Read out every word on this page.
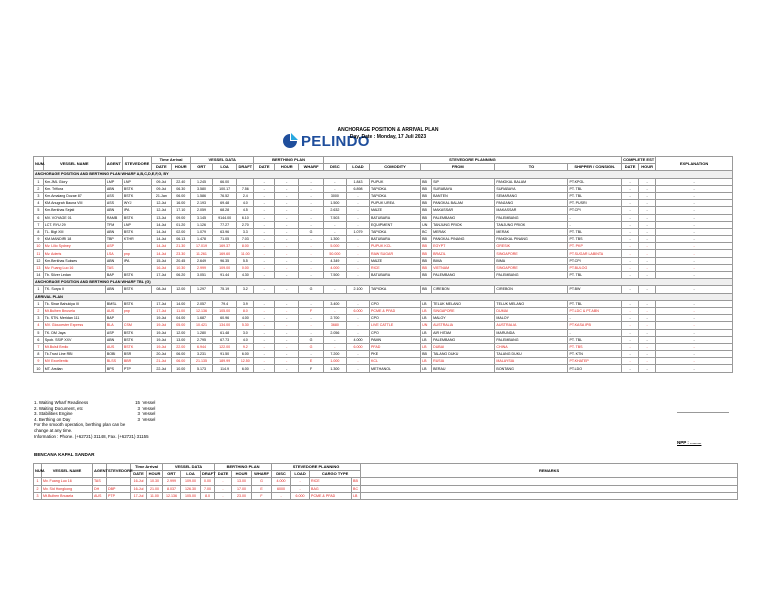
PELINDO
ANCHORAGE POSITION & ARRIVAL PLAN
Day, Date : Monday, 17 Juli 2023
NUM.	VESSEL NAME	AGENT	STEVEDORE	Time Arrival		VESSEL DATA			BERTHING PLAN			STEVEDORE PLANNING							COMPLETE EST		EXPLANATION
				DATE	HOUR	GRT	LOA	DRAFT	DATE	HOUR	WHARF	DISC	LOAD	COMODITY	FROM		TO	SHIPPER / CONSIGN.	DATE	HOUR	
ANCHORAGE POSITION AND BERTHING PLAN WHARF A,B,C,D,E,F,G, BY																					
1	Km.JML Glory	LMP	LNP	09-Jul	22.40	1.245	66.00		-	-	-	-	1.843	PUPUK	BB	SIP	PANGKAL BALAM	PT.KPGL	-	-	-
2	Km. Triflora	ABN	BSTK	09-Jul	06.30	3.580	100.17	7.56	-	-	-	-	6.898	TAPIOKA	BB	SURABAYA	SURABAYA	PT. TBL	-	-	-
3	Km.Amalang Dozae 87	ASS	BSTK	21-Jan	06.00	1.586	76.52	2.4	-	-	-	3000	-	TAPIOKA	BB	BANTEN	SEMARANG	PT. TBL	-	-	-
4	KM.Anugrah Bauna VIII	ASS	WYJ	12-Jul	16.00	2.193	69.48	4.0	-	-	-	1.500	-	PUPUK UREA	BB	PANGKAL BALAM	PANJANG	PT. PUSRI	-	-	-
5	Km.Berkhas Sejati	ABN	IPA	12-Jul	17.10	2.059	68.28	4.5	-	-	-	2.632	-	MAIZE	BB	MAKASSAR	MAKASSAR	PT.CPI	-	-	-
6	MV. VOYAGE 01	RAMB	BSTK	13-Jul	09.00	3.145	9144.00	6.10	-	-	-	7.503	-	BATUBARA	BB	PALEMBANG	PALEMBANG	-	-	-	-
7	LCT. RYU 29	TFM	LNP	14-Jul	01.20	1.126	77.27	2.70	-	-	-	-	-	EQUIPMENT	UN	TANJUNG PRIOK	TANJUNG PRIOK	-	-	-	-
8	TL. Bigt XIII	ABN	BSTK	14-Jul	02.00	1.079	63.96	3.3	-	-	G	-	1.079	TAPIOKA	BC	MERAK	MERAK	PT. TBL	-	-	-
9	KM.MANDIRI 18	TBP	KTHR	14-Jul	06.13	1.478	71.05	7.03	-	-	-	1.300	-	BATUBARA	BB	PANGKAL PINANG	PANGKAL PINANG	PT. TBS	-	-	-
10	Mv. Lilio Sydney	ASP		14-Jul	21.30	17.019	169.37	8.00	-	-	-	5.000	-	PUPUK KCL	BB	EGYPT	GRESIK	PT. PKP	-	-	-
11	Mv. Aderis	LSA	pnp	14-Jul	23.30	11.261	169.60	11.00	-	-	-	50.000	-	RAW SUGAR	BB	BRAZIL	SINGAPORE	PT.SUGAR LABINTA	-	-	-
12	Km.Berkhas Sukses	ABN	IPA	15-Jul	20.45	2.649	96.35	5.5	-	-	-	4.349	-	MAIZE	BB	BIMA	BIMA	PT.CPI	-	-	-
13	Mv. Fuang Luo 16	TAS		16-Jul	10.30	2.999	109.00	0.00	-	-	-	4.000	-	RICE	BB	VIETNAM	SINGAPORE	PT.BULOG	-	-	-
14	Tb. Silver Ledan	BAP	BSTK	17-Jul	06.20	3.051	91.44	4.30	-	-	-	7.500	-	BATUBARA	BB	PALEMBANG	PALEMBANG	PT. TBL	-	-	-
ANCHORAGE POSITION AND BERTHING PLAN WHARF TBL (G)																					
1	TK. Surya II	ABN	BSTK	08-Jul	12.00	1.297	75.19	3.2	-	-	G	-	2.100	TAPIOKA	BB	CIREBON	CIREBON	PT.BW	-	-	-
ARRIVAL PLAN																					
1	Tk. Sinar Bahukiya III	BMSL	BSTK	17-Jul	14.00	2.057	79.4	3.9	-	-	-	3.400	-	CPO	LB	TELUK MELANO	TELUK MELANO	PT. TBL	-	-	-
2	Mt.Bulhen Bnusela	AUS	pnp	17-Jul	11.00	12.136	105.00	8.0	-	-	F	-	6.000	PCME & PFAD	LB	SINGAPORE	DUMAI	PT.LDC & PT.ABN	-	-	-
3	Tk. STN. Meridan 111	BAP		19-Jul	04.00	1.687	60.96	4.00	-	-	-	2.700	-	CPO	LB	MALOY	MALOY	-	-	-	-
4	MV. Gloucester Express	BLA	CSM	19-Jul	05.00	10.421	134.00	5.30	-	-	-	3680	-	LIVE CATTLE	UN	AUSTRALIA	AUSTRALIA	PT.KASA IPB	-	-	-
5	TK. DM Jaya	ASP	BSTK	19-Jul	12.00	1.280	61.48	3.0	-	-	-	2.056	-	CPO	LB	AIR HITAM	MARUNDA	-	-	-	-
6	Spob. SSIP XXV	ABN	BSTK	19-Jul	13.00	2.795	67.73	4.0	-	-	G	-	4.000	PAMN	LB	PALEMBANG	PALEMBANG	PT. TBL	-	-	-
7	Mt.Bulsil Bmilo	AUS	BSTK	19-Jul	22.00	6.944	122.00	9.2	-	-	G	-	6.000	PFAD	LB	DUBAI	CHINA	PT. TBS	-	-	-
8	Tk.Trust Line RBI	BOBI	BSR	20-Jul	06.00	3.231	91.50	6.00	-	-	-	7.200	-	PKE	BB	TALANG DUKU	TALANG DUKU	PT. KTN	-	-	-
9	MV Excellentic	BLSS	BBR	21-Jul	06.00	21.135	189.99	12.50	-	-	E	1.000	-	KCL	LB	RUSIA	MALAYSIA	PT.KHATEP	-	-	-
10	MT. Arstian	BPS	PTP	22-Jul	10.00	5.173	114.9	6.00	-	-	F	1.300	-	METHANOL	LB	BERAU	BONTANG	PT.LDO	-	-	-
1. Waiting Wharf Readiness	15 Vessel
2. Waiting Document, etc	3 Vessel
3. Stabilities Engine	3 Vessel
4. Berthing on Day	3 Vessel
For the smooth operation, berthing plan can be
change at any time.
Information : Phone. (+62721) 31148, Fax. (+62721) 31155
NPP : .........
BENCANA KAPAL SANDAR
NUM.	VESSEL NAME	AGENT	STEVEDORE	Time Arrival		VESSEL DATA			BERTHING PLAN			STEVEDORE PLANNING				REMARKS
				DATE	HOUR	GRT	LOA	DRAFT	DATE	HOUR	WHARF	DISC	LOAD	CARGO TYPE		
1	Mv. Fuang Luo 16	TAS		16-Jul	10.30	2.999	109.00	0.00	-	13.00	G	4.000	-	RICE	BB	
2	Mv. Sid Hongkong	DH	DBP	16-Jul	21.00	8.037	126.30	7.00	-	17.00	E	6000	-	BAG	BC	
3	Mt.Bulhen Bnusela	AUS	PTP	17-Jul	11.00	12.136	105.00	8.0	-	23.00	F	-	6.000	PCME & PFAD	LB	
